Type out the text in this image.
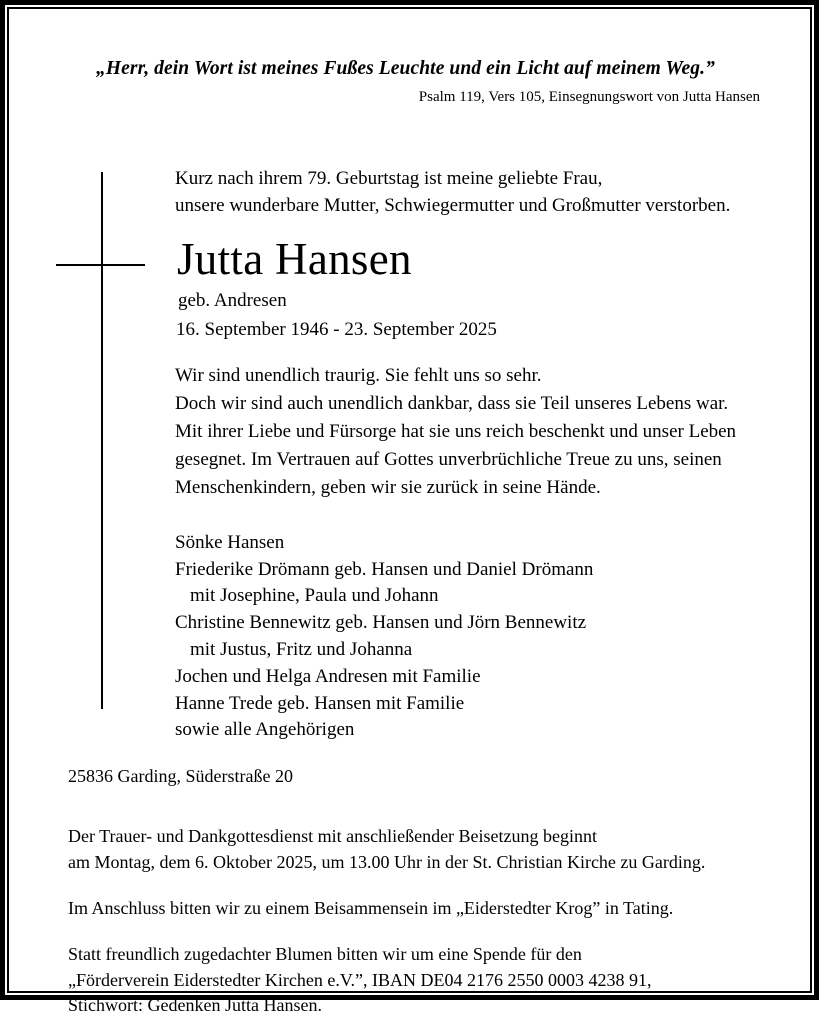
„Herr, dein Wort ist meines Fußes Leuchte und ein Licht auf meinem Weg.”
Psalm 119, Vers 105, Einsegnungswort von Jutta Hansen
Kurz nach ihrem 79. Geburtstag ist meine geliebte Frau,
unsere wunderbare Mutter, Schwiegermutter und Großmutter verstorben.
Jutta Hansen
geb. Andresen
16. September 1946 - 23. September 2025
Wir sind unendlich traurig. Sie fehlt uns so sehr.
Doch wir sind auch unendlich dankbar, dass sie Teil unseres Lebens war.
Mit ihrer Liebe und Fürsorge hat sie uns reich beschenkt und unser Leben
gesegnet. Im Vertrauen auf Gottes unverbrüchliche Treue zu uns, seinen
Menschenkindern, geben wir sie zurück in seine Hände.
Sönke Hansen
Friederike Drömann geb. Hansen und Daniel Drömann
mit Josephine, Paula und Johann
Christine Bennewitz geb. Hansen und Jörn Bennewitz
mit Justus, Fritz und Johanna
Jochen und Helga Andresen mit Familie
Hanne Trede geb. Hansen mit Familie
sowie alle Angehörigen
25836 Garding, Süderstraße 20
Der Trauer- und Dankgottesdienst mit anschließender Beisetzung beginnt
am Montag, dem 6. Oktober 2025, um 13.00 Uhr in der St. Christian Kirche zu Garding.
Im Anschluss bitten wir zu einem Beisammensein im „Eiderstedter Krog” in Tating.
Statt freundlich zugedachter Blumen bitten wir um eine Spende für den
„Förderverein Eiderstedter Kirchen e.V.”, IBAN DE04 2176 2550 0003 4238 91,
Stichwort: Gedenken Jutta Hansen.
